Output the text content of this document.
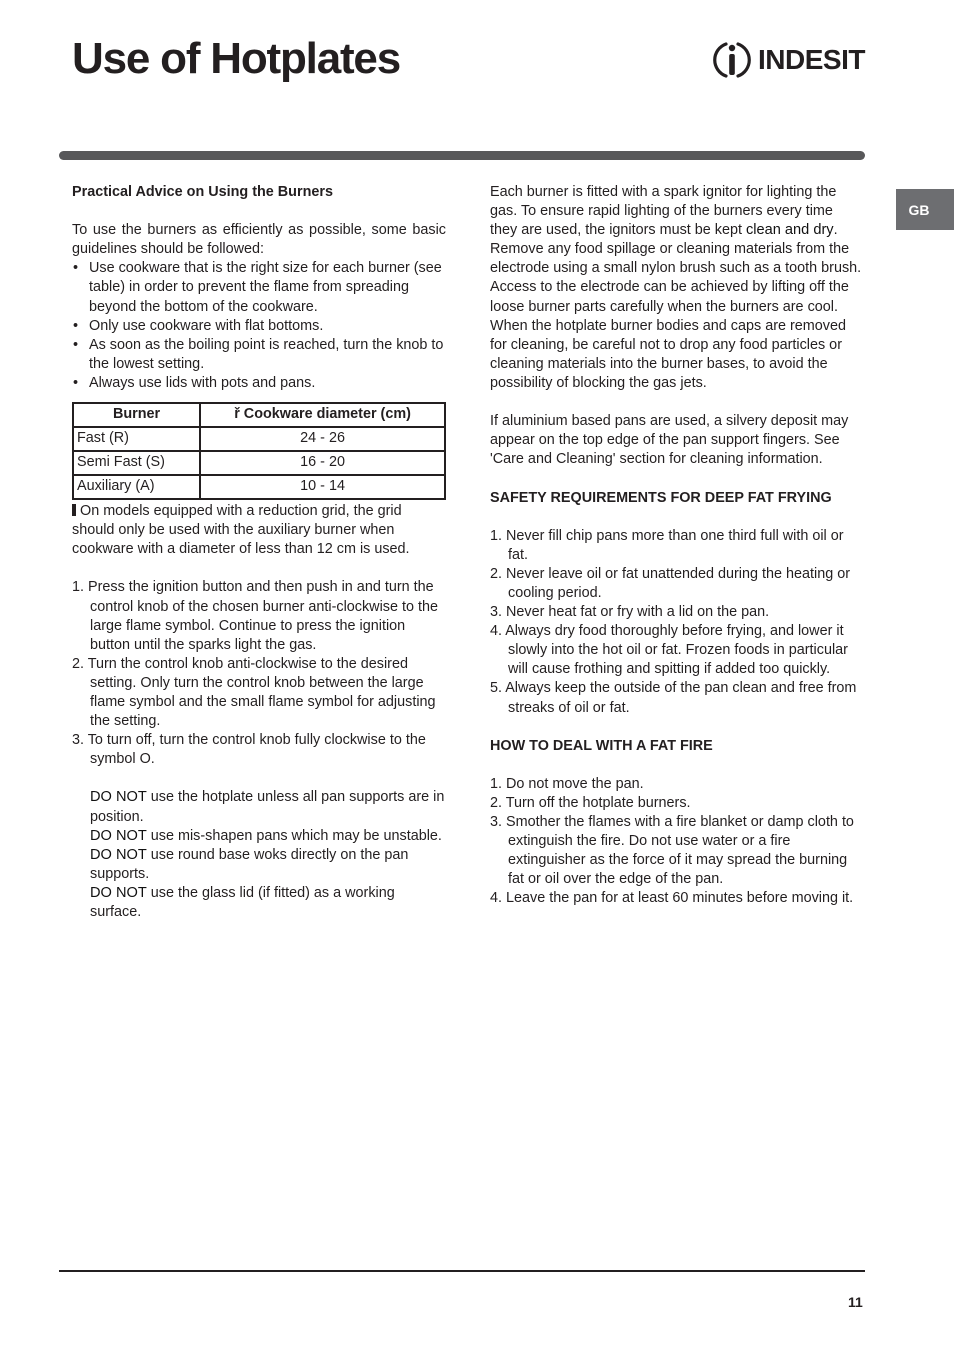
Use of Hotplates	INDESIT
GB

Practical Advice on Using the Burners

To use the burners as efficiently as possible, some basic guidelines should be followed:

• Use cookware that is the right size for each burner (see table) in order to prevent the flame from spreading beyond the bottom of the cookware.
• Only use cookware with flat bottoms.
• As soon as the boiling point is reached, turn the knob to the lowest setting.
• Always use lids with pots and pans.
Burner	ř Cookware diameter (cm)
Fast (R)	24 - 26
Semi Fast (S)	16 - 20
Auxiliary (A)	10 - 14

On models equipped with a reduction grid, the grid should only be used with the auxiliary burner when cookware with a diameter of less than 12 cm is used.

1. Press the ignition button and then push in and turn the control knob of the chosen burner anti-clockwise to the large flame symbol. Continue to press the ignition button until the sparks light the gas.
2. Turn the control knob anti-clockwise to the desired setting. Only turn the control knob between the large flame symbol and the small flame symbol for adjusting the setting.
3. To turn off, turn the control knob fully clockwise to the symbol O.

DO NOT use the hotplate unless all pan supports are in position.

DO NOT use mis-shapen pans which may be unstable.

DO NOT use round base woks directly on the pan supports.

DO NOT use the glass lid (if fitted) as a working surface.

Each burner is fitted with a spark ignitor for lighting the gas. To ensure rapid lighting of the burners every time they are used, the ignitors must be kept clean and dry. Remove any food spillage or cleaning materials from the electrode using a small nylon brush such as a tooth brush. Access to the electrode can be achieved by lifting off the loose burner parts carefully when the burners are cool. When the hotplate burner bodies and caps are removed for cleaning, be careful not to drop any food particles or cleaning materials into the burner bases, to avoid the possibility of blocking the gas jets.

If aluminium based pans are used, a silvery deposit may appear on the top edge of the pan support fingers. See 'Care and Cleaning' section for cleaning information.

SAFETY REQUIREMENTS FOR DEEP FAT FRYING

1. Never fill chip pans more than one third full with oil or fat.
2. Never leave oil or fat unattended during the heating or cooling period.
3. Never heat fat or fry with a lid on the pan.
4. Always dry food thoroughly before frying, and lower it slowly into the hot oil or fat. Frozen foods in particular will cause frothing and spitting if added too quickly.
5. Always keep the outside of the pan clean and free from streaks of oil or fat.

HOW TO DEAL WITH A FAT FIRE

1. Do not move the pan.
2. Turn off the hotplate burners.
3. Smother the flames with a fire blanket or damp cloth to extinguish the fire. Do not use water or a fire extinguisher as the force of it may spread the burning fat or oil over the edge of the pan.
4. Leave the pan for at least 60 minutes before moving it.
11
